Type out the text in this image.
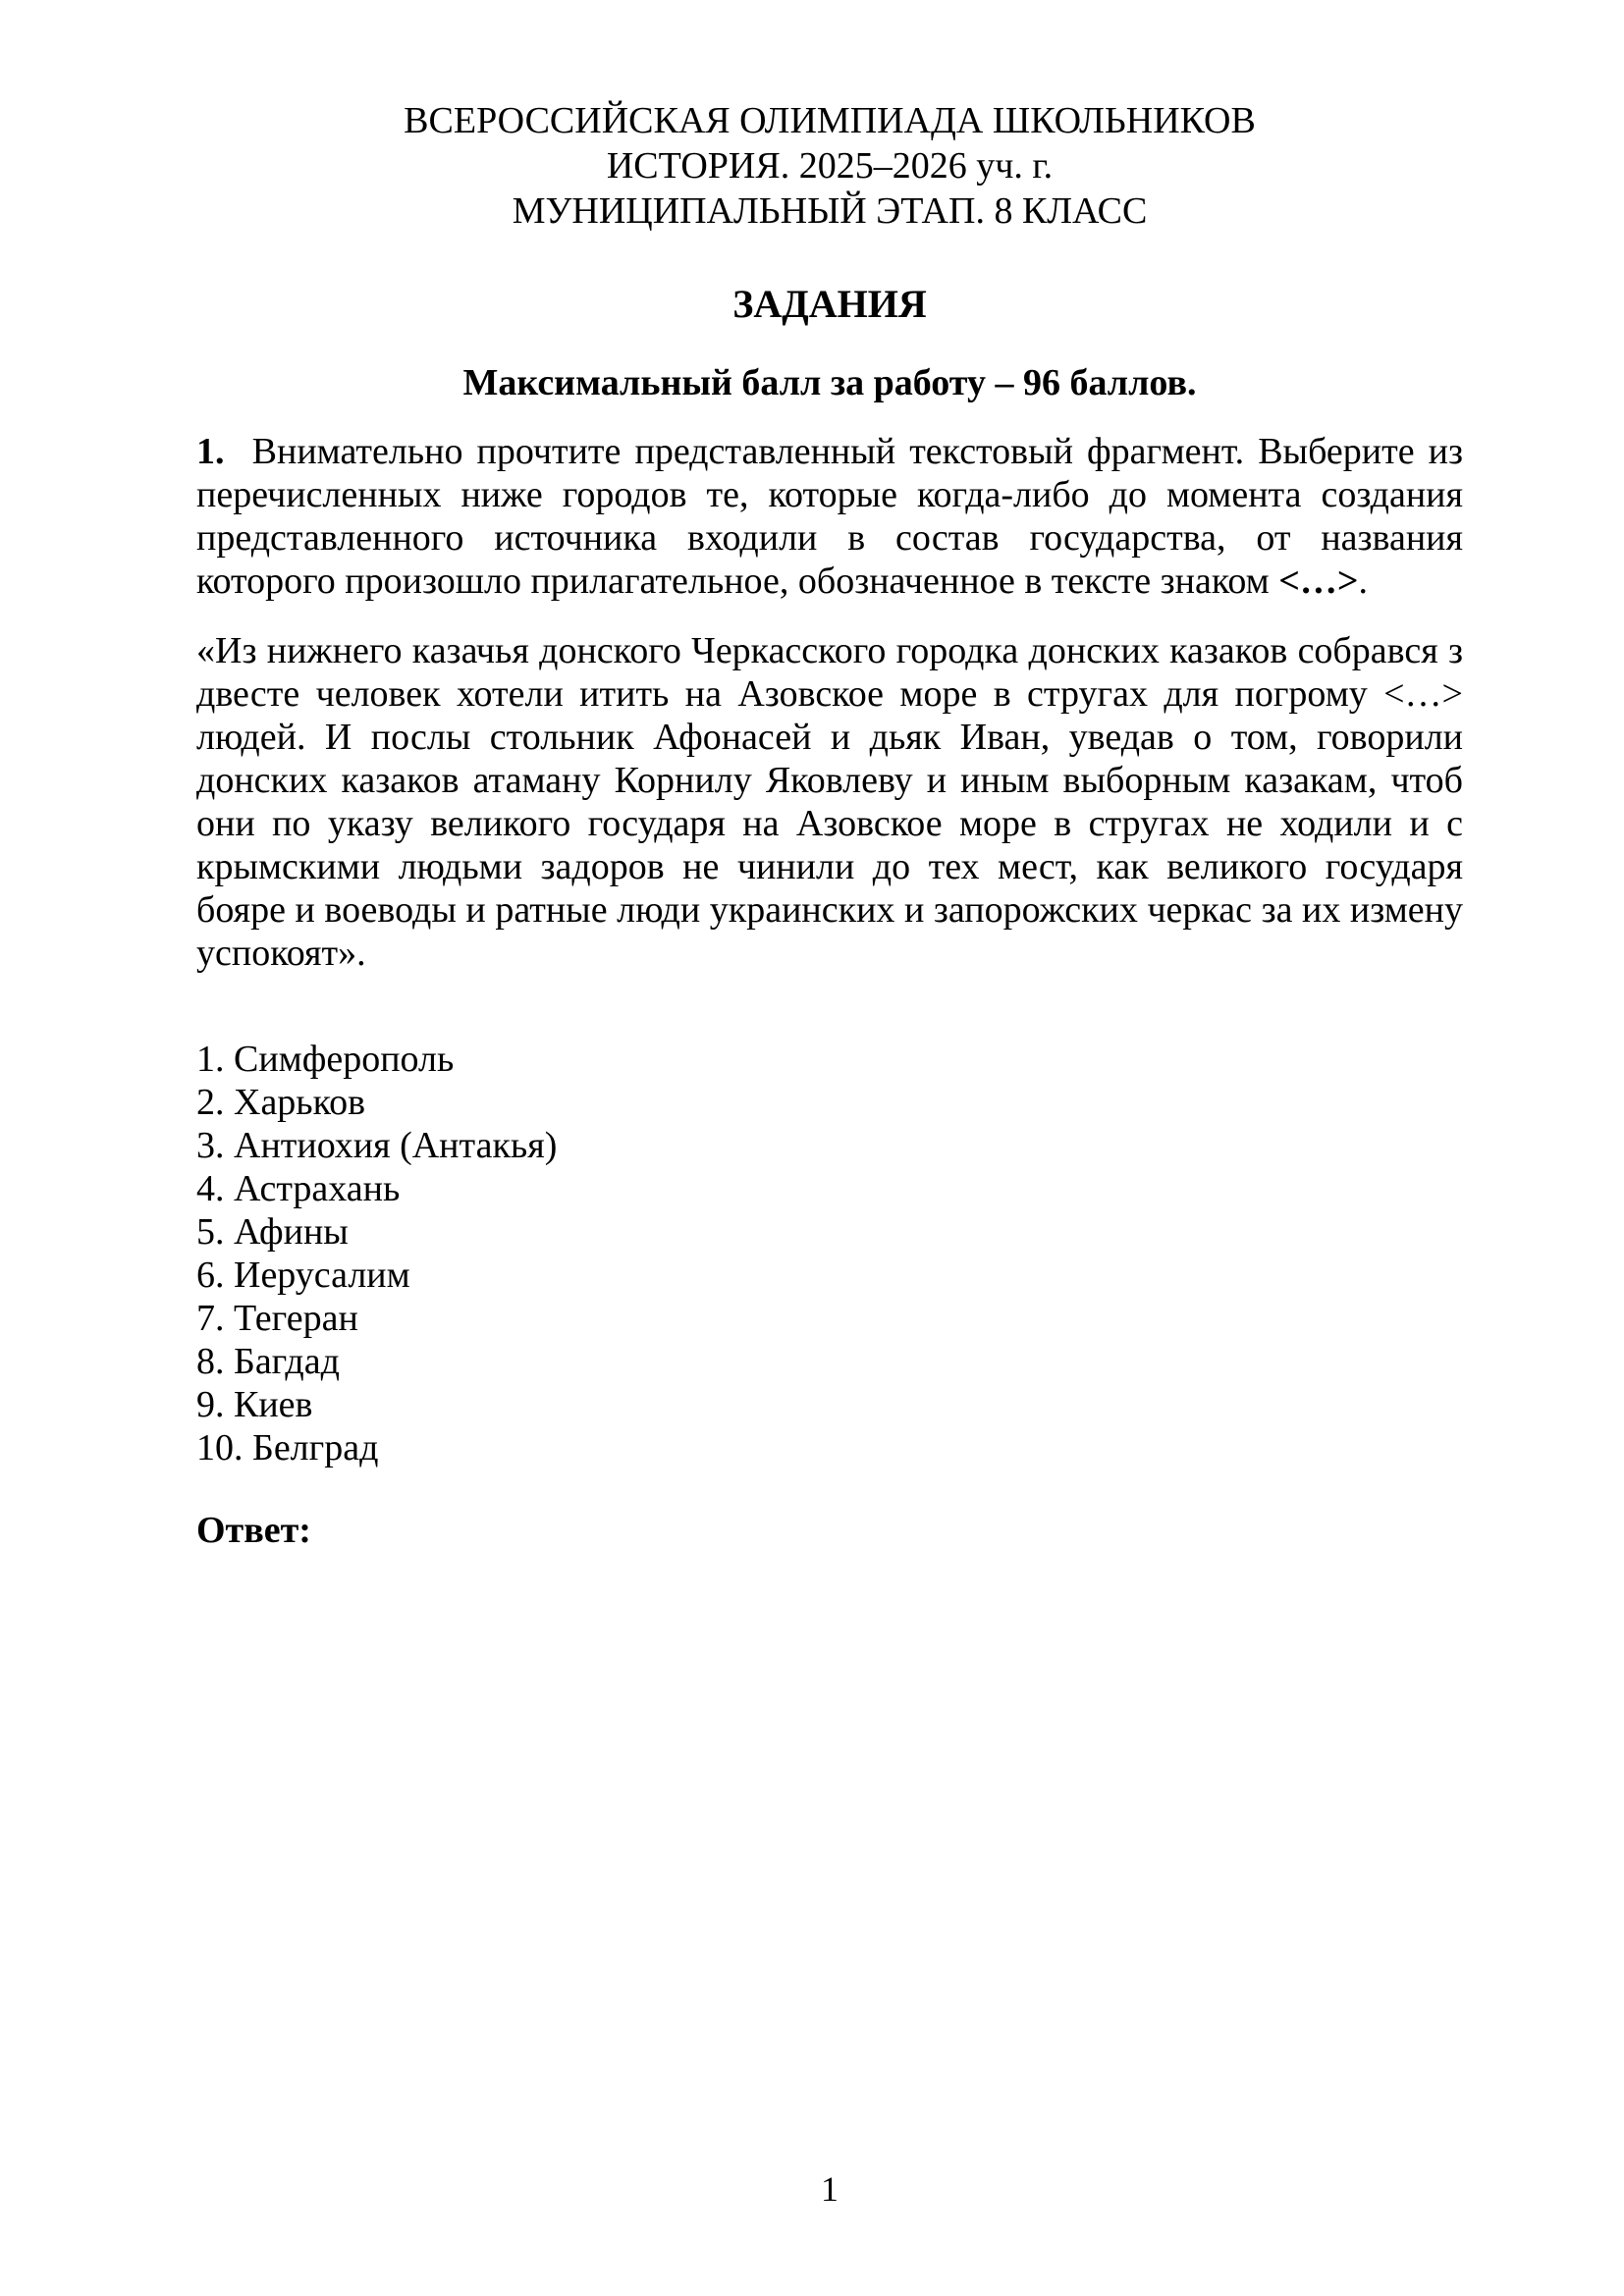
ВСЕРОССИЙСКАЯ ОЛИМПИАДА ШКОЛЬНИКОВ
ИСТОРИЯ. 2025–2026 уч. г.
МУНИЦИПАЛЬНЫЙ ЭТАП. 8 КЛАСС
ЗАДАНИЯ
Максимальный балл за работу – 96 баллов.

1. Внимательно прочтите представленный текстовый фрагмент. Выберите из перечисленных ниже городов те, которые когда-либо до момента создания представленного источника входили в состав государства, от названия которого произошло прилагательное, обозначенное в тексте знаком <…>.

«Из нижнего казачья донского Черкасского городка донских казаков собрався з двесте человек хотели итить на Азовское море в стругах для погрому <…> людей. И послы стольник Афонасей и дьяк Иван, уведав о том, говорили донских казаков атаману Корнилу Яковлеву и иным выборным казакам, чтоб они по указу великого государя на Азовское море в стругах не ходили и с крымскими людьми задоров не чинили до тех мест, как великого государя бояре и воеводы и ратные люди украинских и запорожских черкас за их измену успокоят».

1. Симферополь
2. Харьков
3. Антиохия (Антакья)
4. Астрахань
5. Афины
6. Иерусалим
7. Тегеран
8. Багдад
9. Киев
10. Белград
Ответ:
1
